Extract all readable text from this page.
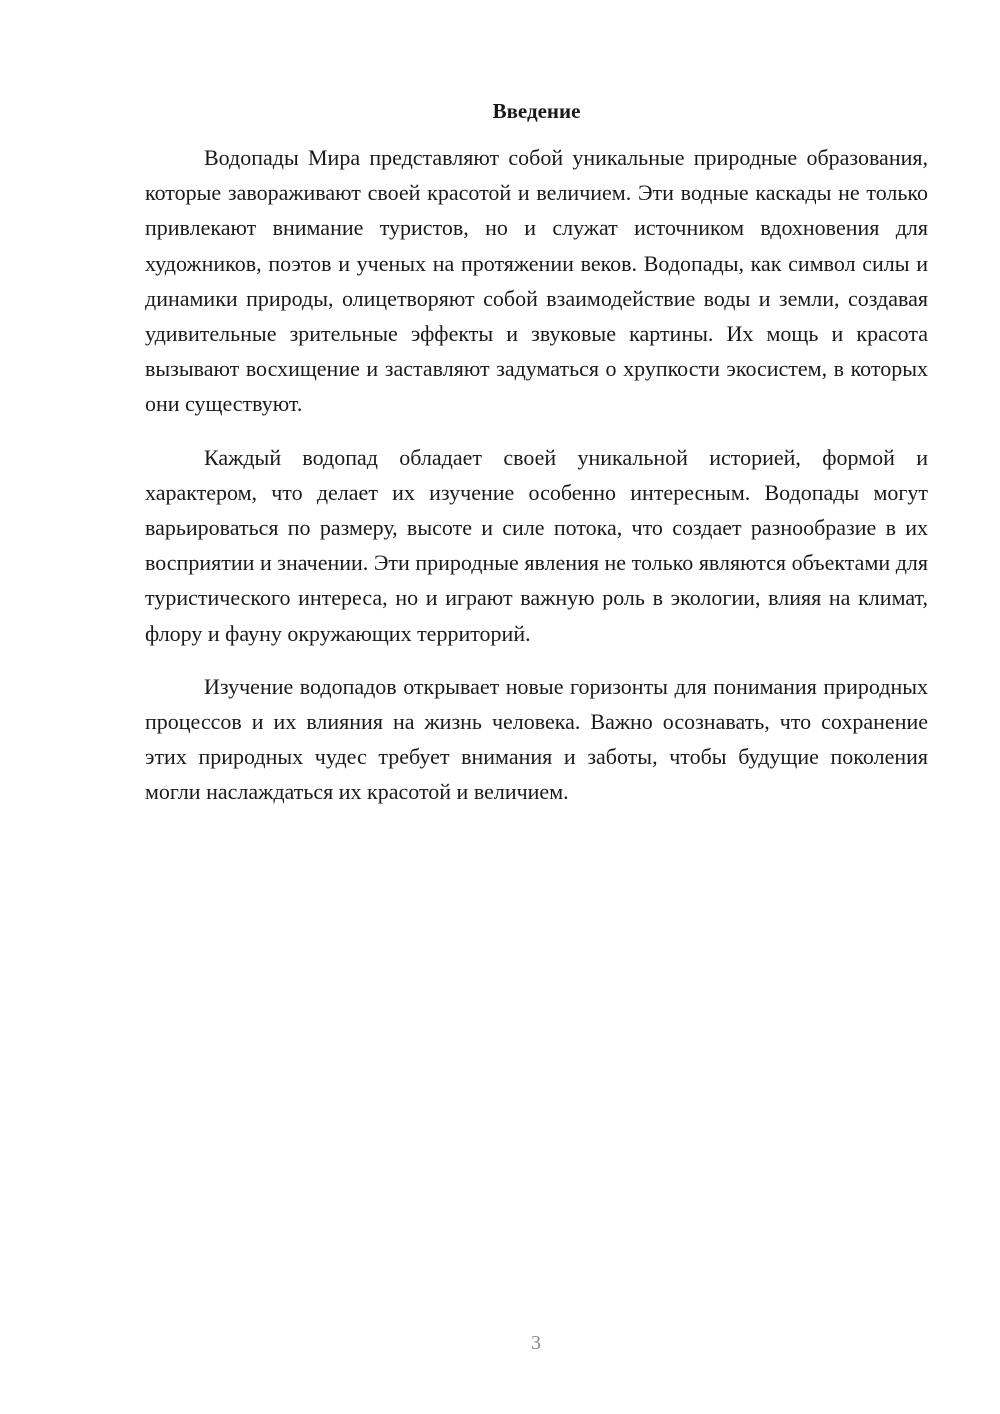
Введение

Водопады Мира представляют собой уникальные природные образования, которые завораживают своей красотой и величием. Эти водные каскады не только привлекают внимание туристов, но и служат источником вдохновения для художников, поэтов и ученых на протяжении веков. Водопады, как символ силы и динамики природы, олицетворяют собой взаимодействие воды и земли, создавая удивительные зрительные эффекты и звуковые картины. Их мощь и красота вызывают восхищение и заставляют задуматься о хрупкости экосистем, в которых они существуют.

Каждый водопад обладает своей уникальной историей, формой и характером, что делает их изучение особенно интересным. Водопады могут варьироваться по размеру, высоте и силе потока, что создает разнообразие в их восприятии и значении. Эти природные явления не только являются объектами для туристического интереса, но и играют важную роль в экологии, влияя на климат, флору и фауну окружающих территорий.

Изучение водопадов открывает новые горизонты для понимания природных процессов и их влияния на жизнь человека. Важно осознавать, что сохранение этих природных чудес требует внимания и заботы, чтобы будущие поколения могли наслаждаться их красотой и величием.

3
